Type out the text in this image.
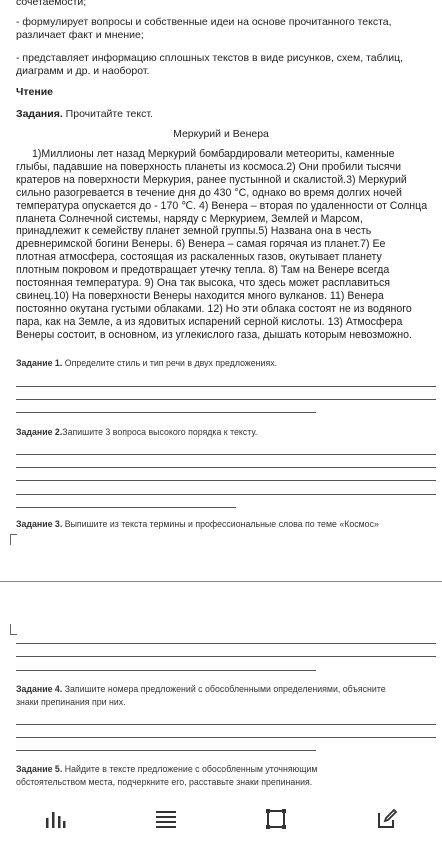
сочетаемости;
- формулирует вопросы и собственные идеи на основе прочитанного текста,
различает факт и мнение;
- представляет информацию сплошных текстов в виде рисунков, схем, таблиц,
диаграмм и др. и наоборот.
Чтение
Задания. Прочитайте текст.
Меркурий и Венера
1)Миллионы лет назад Меркурий бомбардировали метеориты, каменные
глыбы, падавшие на поверхность планеты из космоса.2) Они пробили тысячи
кратеров на поверхности Меркурия, ранее пустынной и скалистой.3) Меркурий
сильно разогревается в течение дня до 430 °С, однако во время долгих ночей
температура опускается до - 170 ℃. 4) Венера – вторая по удаленности от Солнца
планета Солнечной системы, наряду с Меркурием, Землей и Марсом,
принадлежит к семейству планет земной группы.5) Названа она в честь
древнеримской богини Венеры. 6) Венера – самая горячая из планет.7) Ее
плотная атмосфера, состоящая из раскаленных газов, окутывает планету
плотным покровом и предотвращает утечку тепла. 8) Там на Венере всегда
постоянная температура. 9) Она так высока, что здесь может расплавиться
свинец.10) На поверхности Венеры находится много вулканов. 11) Венера
постоянно окутана густыми облаками. 12) Но эти облака состоят не из водяного
пара, как на Земле, а из ядовитых испарений серной кислоты. 13) Атмосфера
Венеры состоит, в основном, из углекислого газа, дышать которым невозможно.
Задание 1. Определите стиль и тип речи в двух предложениях.
Задание 2.Запишите 3 вопроса высокого порядка к тексту.
Задание 3. Выпишите из текста термины и профессиональные слова по теме «Космос»
Задание 4. Запишите номера предложений с обособленными определениями, объясните
знаки препинания при них.
Задание 5. Найдите в тексте предложение с обособленным уточняющим
обстоятельством места, подчеркните его, расставьте знаки препинания.
